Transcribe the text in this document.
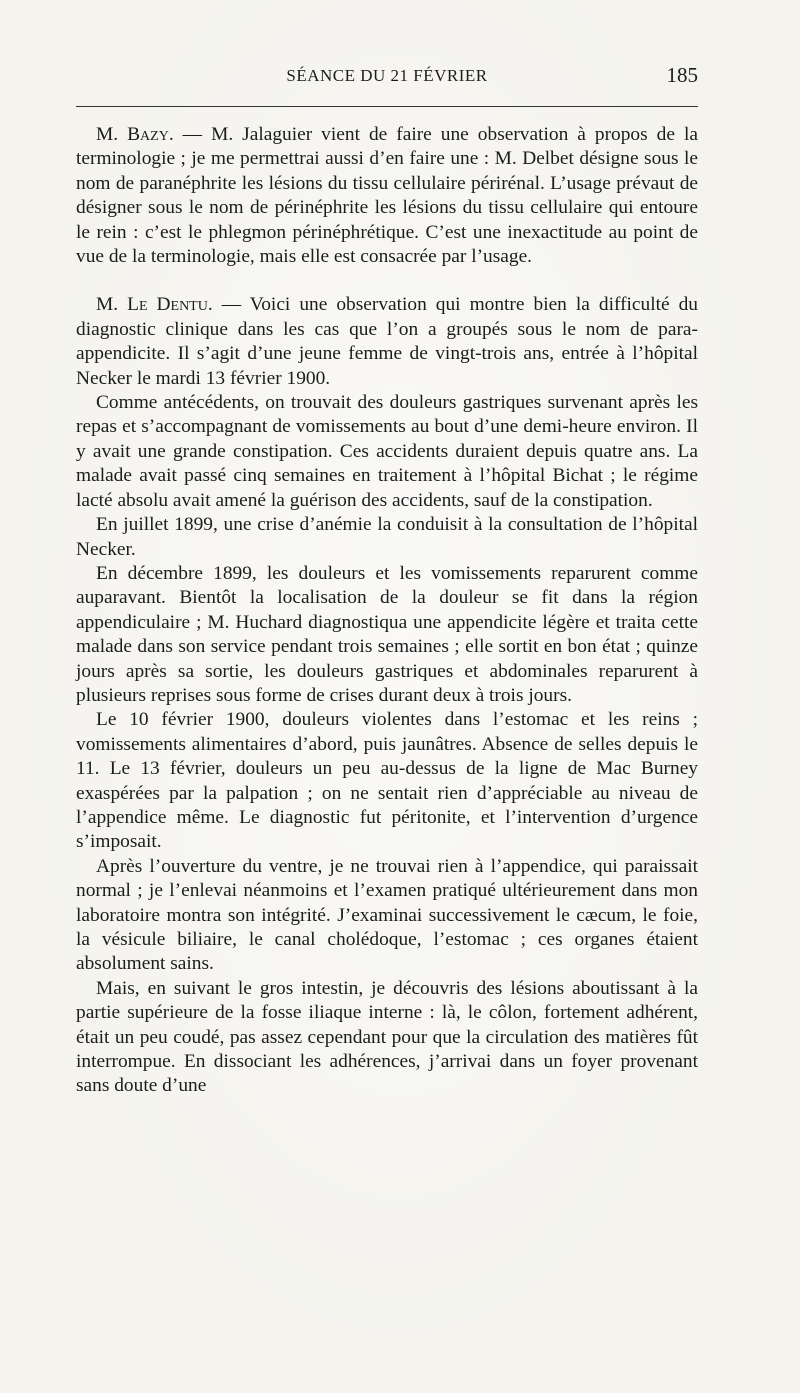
SÉANCE DU 21 FÉVRIER	185

M. Bazy. — M. Jalaguier vient de faire une observation à propos de la terminologie ; je me permettrai aussi d’en faire une : M. Delbet désigne sous le nom de paranéphrite les lésions du tissu cellulaire périrénal. L’usage prévaut de désigner sous le nom de périnéphrite les lésions du tissu cellulaire qui entoure le rein : c’est le phlegmon périnéphrétique. C’est une inexactitude au point de vue de la terminologie, mais elle est consacrée par l’usage.

M. Le Dentu. — Voici une observation qui montre bien la difficulté du diagnostic clinique dans les cas que l’on a groupés sous le nom de para-appendicite. Il s’agit d’une jeune femme de vingt-trois ans, entrée à l’hôpital Necker le mardi 13 février 1900.

Comme antécédents, on trouvait des douleurs gastriques survenant après les repas et s’accompagnant de vomissements au bout d’une demi-heure environ. Il y avait une grande constipation. Ces accidents duraient depuis quatre ans. La malade avait passé cinq semaines en traitement à l’hôpital Bichat ; le régime lacté absolu avait amené la guérison des accidents, sauf de la constipation.

En juillet 1899, une crise d’anémie la conduisit à la consultation de l’hôpital Necker.

En décembre 1899, les douleurs et les vomissements reparurent comme auparavant. Bientôt la localisation de la douleur se fit dans la région appendiculaire ; M. Huchard diagnostiqua une appendicite légère et traita cette malade dans son service pendant trois semaines ; elle sortit en bon état ; quinze jours après sa sortie, les douleurs gastriques et abdominales reparurent à plusieurs reprises sous forme de crises durant deux à trois jours.

Le 10 février 1900, douleurs violentes dans l’estomac et les reins ; vomissements alimentaires d’abord, puis jaunâtres. Absence de selles depuis le 11. Le 13 février, douleurs un peu au-dessus de la ligne de Mac Burney exaspérées par la palpation ; on ne sentait rien d’appréciable au niveau de l’appendice même. Le diagnostic fut péritonite, et l’intervention d’urgence s’imposait.

Après l’ouverture du ventre, je ne trouvai rien à l’appendice, qui paraissait normal ; je l’enlevai néanmoins et l’examen pratiqué ultérieurement dans mon laboratoire montra son intégrité. J’examinai successivement le cæcum, le foie, la vésicule biliaire, le canal cholédoque, l’estomac ; ces organes étaient absolument sains.

Mais, en suivant le gros intestin, je découvris des lésions aboutissant à la partie supérieure de la fosse iliaque interne : là, le côlon, fortement adhérent, était un peu coudé, pas assez cependant pour que la circulation des matières fût interrompue. En dissociant les adhérences, j’arrivai dans un foyer provenant sans doute d’une
